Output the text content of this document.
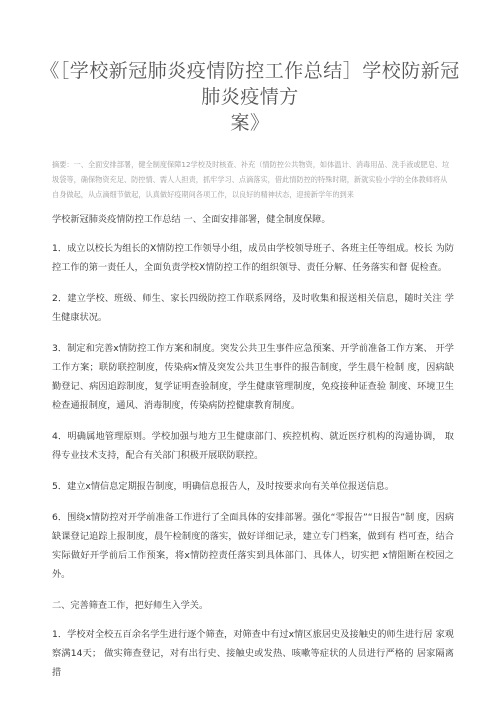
《［学校新冠肺炎疫情防控工作总结］学校防新冠肺炎疫情方
案》
摘要：一、全面安排部署，健全制度保障12学校及时核查、补充（情防控公共物资，如体温计、消毒用品、洗手液或肥皂、垃圾袋等，确保物资充足、防控情、需人人担责，抓牢学习、点滴落实，借此情防控的特殊时期，新就实验小学的全体教师将从自身做起，从点滴细节做起，认真做好疫期间各项工作，以良好的精神状态，迎接新学年的到来

学校新冠肺炎疫情防控工作总结 一、全面安排部署，健全制度保障。

1．成立以校长为组长的X情防控工作领导小组，成员由学校领导班子、各班主任等组成。校长 为防控工作的第一责任人，全面负责学校X情防控工作的组织领导、责任分解、任务落实和督 促检查。

2．建立学校、班级、师生、家长四级防控工作联系网络，及时收集和报送相关信息，随时关注 学生健康状况。

3．制定和完善x情防控工作方案和制度。突发公共卫生事件应急预案、开学前准备工作方案、 开学工作方案；联防联控制度，传染病x情及突发公共卫生事件的报告制度，学生晨午检制 度，因病缺勤登记、病因追踪制度，复学证明查验制度，学生健康管理制度，免疫接种证查验 制度、环境卫生检查通报制度，通风、消毒制度，传染病防控健康教育制度。

4．明确属地管理原则。学校加强与地方卫生健康部门、疾控机构、就近医疗机构的沟通协调， 取得专业技术支持，配合有关部门积极开展联防联控。

5．建立x情信息定期报告制度，明确信息报告人，及时按要求向有关单位报送信息。

6．围绕x情防控对开学前准备工作进行了全面具体的安排部署。强化“零报告”“日报告”制 度，因病缺课登记追踪上报制度，晨午检制度的落实，做好详细记录，建立专门档案，做到有 档可查，结合实际做好开学前后工作预案，将x情防控责任落实到具体部门、具体人，切实把 x情阻断在校园之外。

二、完善筛查工作，把好师生入学关。

1．学校对全校五百余名学生进行逐个筛查，对筛查中有过x情区旅居史及接触史的师生进行居 家观察满14天； 做实筛查登记，对有出行史、接触史或发热、咳嗽等症状的人员进行严格的 居家隔离措
